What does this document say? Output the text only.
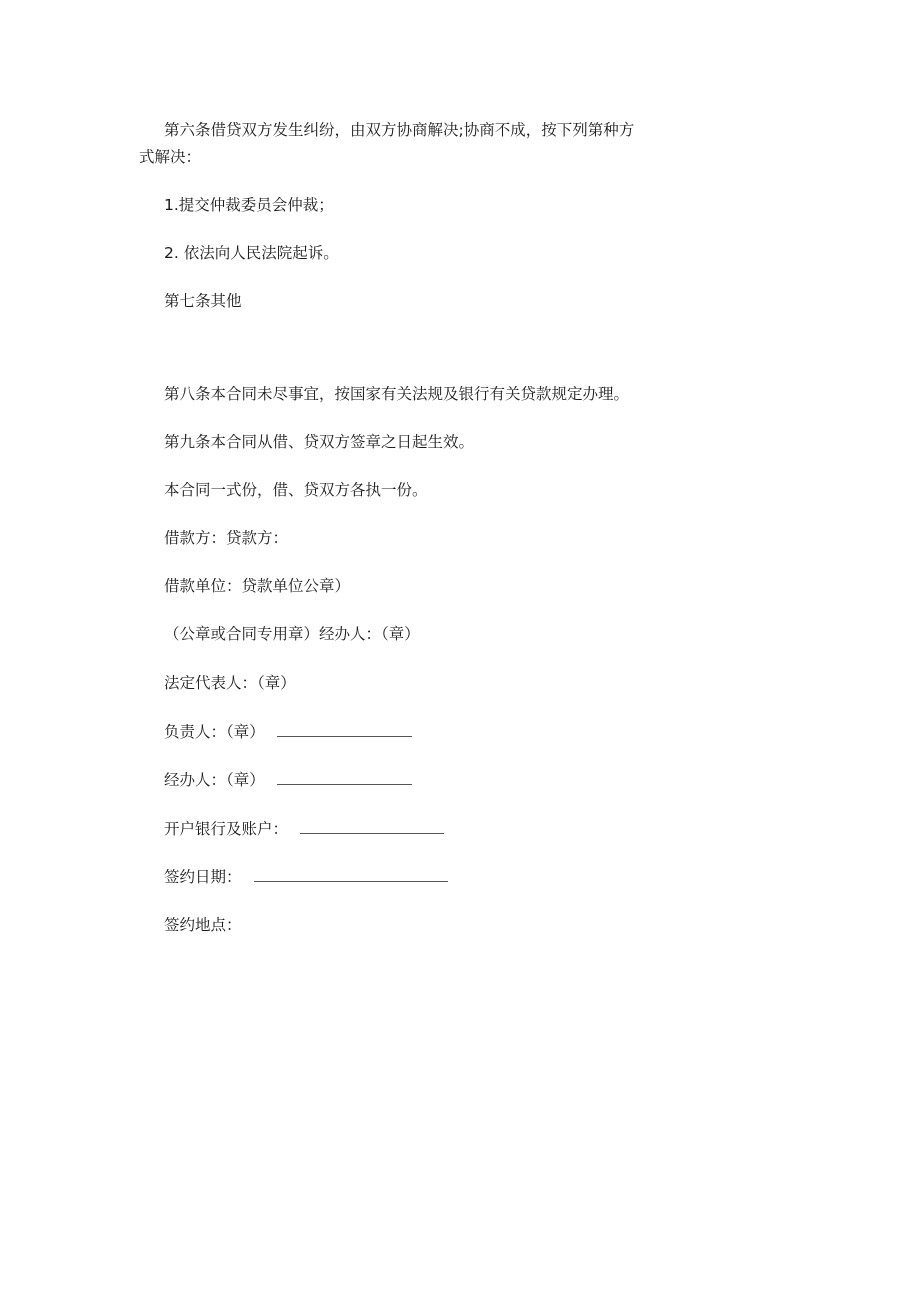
第六条借贷双方发生纠纷，由双方协商解决;协商不成，按下列第种方
式解决：
1.提交仲裁委员会仲裁；
2. 依法向人民法院起诉。
第七条其他
第八条本合同未尽事宜，按国家有关法规及银行有关贷款规定办理。
第九条本合同从借、贷双方签章之日起生效。
本合同一式份，借、贷双方各执一份。
借款方：贷款方：
借款单位：贷款单位公章）
（公章或合同专用章）经办人：（章）
法定代表人：（章）
负责人：（章）
经办人：（章）
开户银行及账户：
签约日期：
签约地点：
